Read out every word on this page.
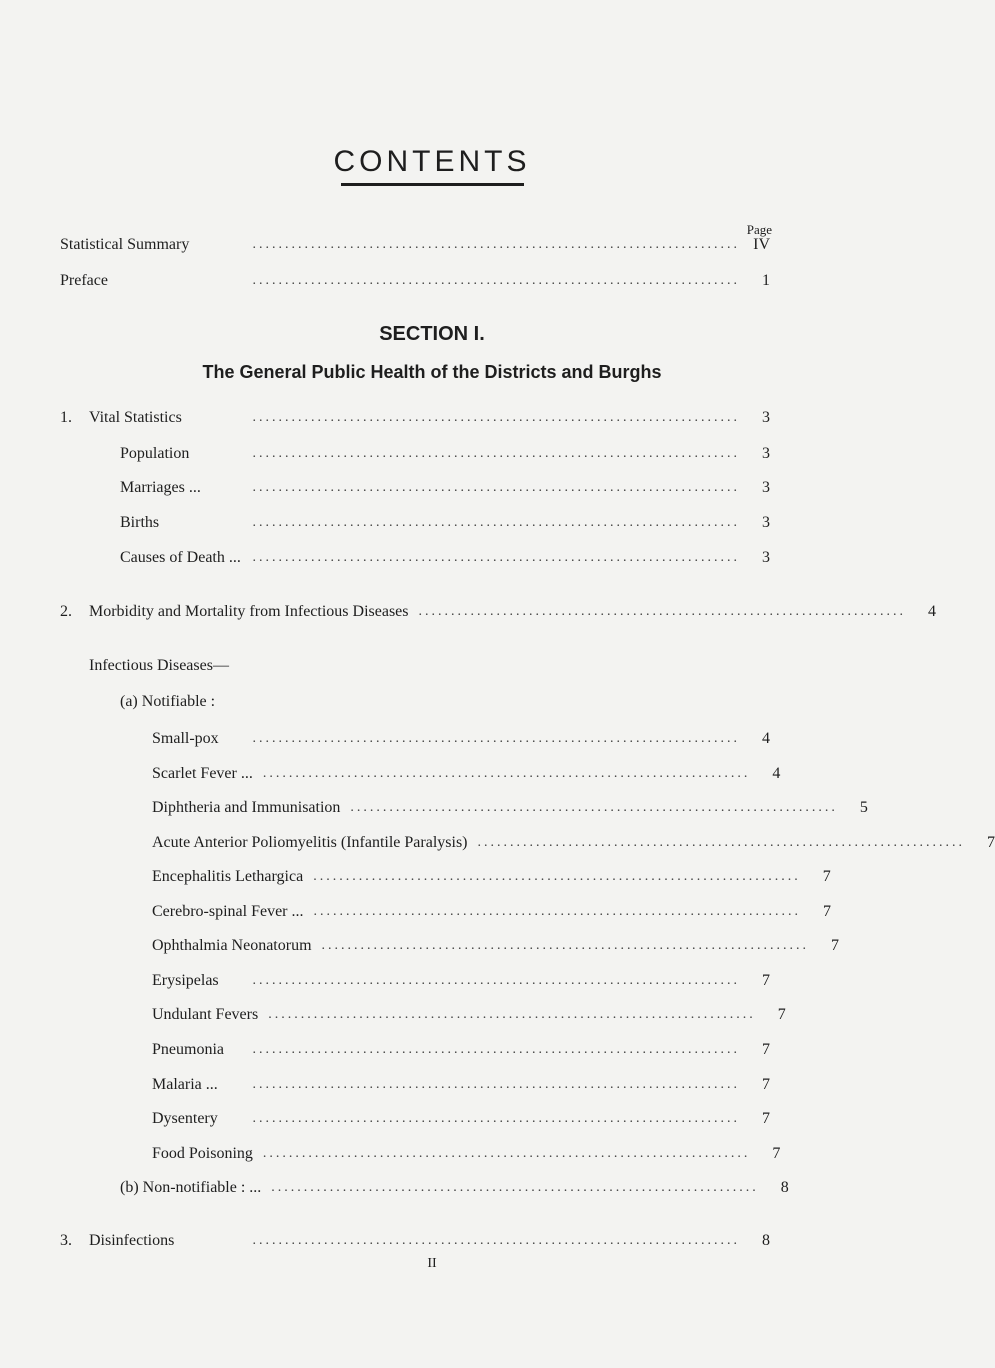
CONTENTS
Page
Statistical Summary	........................................................................... IV
Preface	...........................................................................	1
SECTION I.
The General Public Health of the Districts and Burghs
1. Vital Statistics	...........................................................................	3
Population	...........................................................................	3
Marriages ...	...........................................................................	3
Births	...........................................................................	3
Causes of Death ... ...........................................................................	3
2. Morbidity and Mortality from Infectious Diseases ...........................................................................	4
Infectious Diseases—
(a) Notifiable :
Small-pox	...........................................................................	4
Scarlet Fever ... ...........................................................................	4
Diphtheria and Immunisation ...........................................................................	5
Acute Anterior Poliomyelitis (Infantile Paralysis) ...........................................................................	7
Encephalitis Lethargica ...........................................................................	7
Cerebro-spinal Fever ... ...........................................................................	7
Ophthalmia Neonatorum ...........................................................................	7
Erysipelas	...........................................................................	7
Undulant Fevers ...........................................................................	7
Pneumonia	...........................................................................	7
Malaria ...	...........................................................................	7
Dysentery	...........................................................................	7
Food Poisoning ...........................................................................	7
(b) Non-notifiable : ... ...........................................................................	8
3. Disinfections	...........................................................................	8
II
